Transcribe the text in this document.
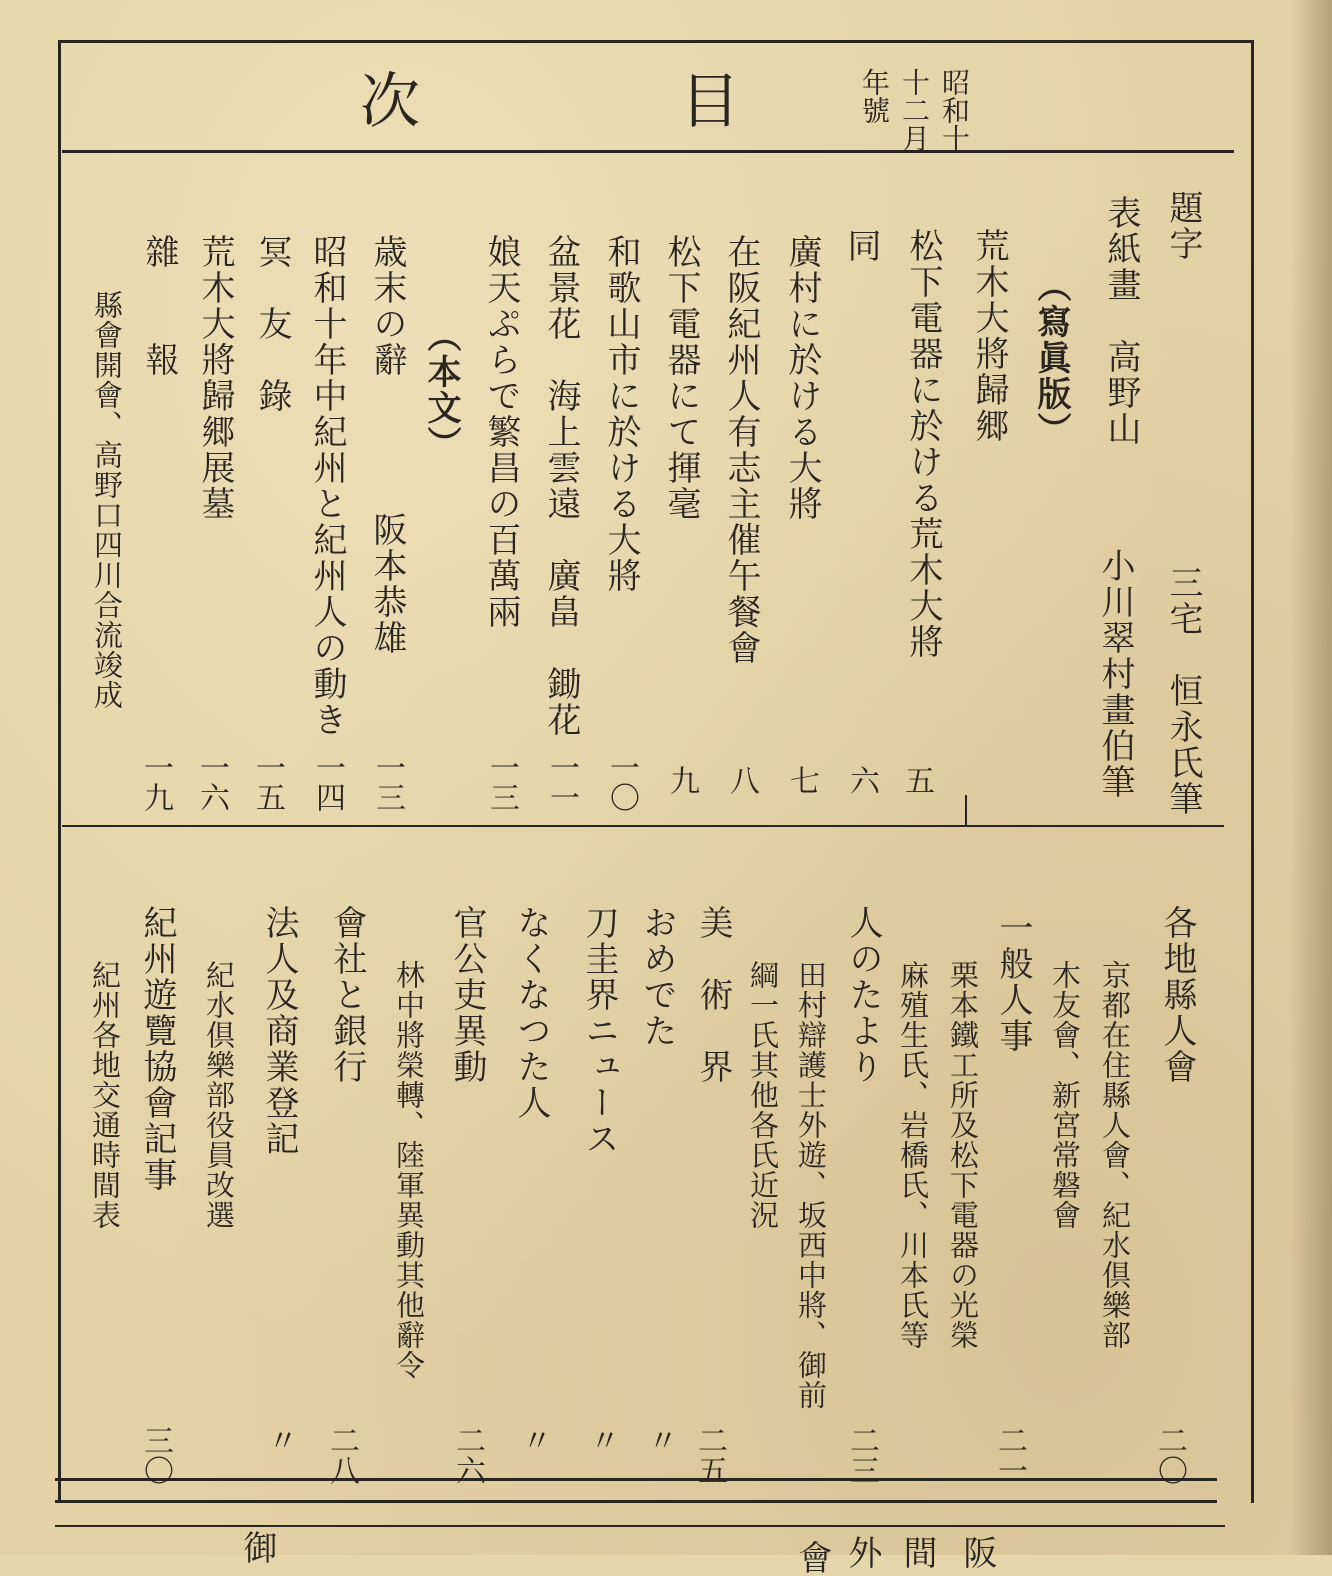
目
次	昭和十
十二月
年號
題字
三宅　恒永氏筆
表紙畫　高野山
小川翠村畫伯筆
五
（寫眞版）
荒木大將歸郷
松下電器に於ける荒木大將
同
六
廣村に於ける大將
七
在阪紀州人有志主催午餐會
八
松下電器にて揮毫
九
和歌山市に於ける大將
一〇
盆景花　海上雲遠　廣畠　鋤花
一一
娘天ぷらで繁昌の百萬兩
一三
（本文）
歳末の辭
阪本恭雄
一三
昭和十年中紀州と紀州人の動き
一四
冥　友　錄
一五
荒木大將歸郷展墓
一六
雜　　報
一九
縣會開會、高野口四川合流竣成
各地縣人會
二〇
京都在住縣人會、紀水倶樂部
木友會、新宮常磐會
一般人事
二一
栗本鐵工所及松下電器の光榮
麻殖生氏、岩橋氏、川本氏等
人のたより
二三
田村辯護士外遊、坂西中將、御前
綱一氏其他各氏近況
美　術　界
二五
おめでた
〃
刀圭界ニュース
〃
なくなつた人
〃
官公吏異動
二六
林中將榮轉、陸軍異動其他辭令
會社と銀行
二八
法人及商業登記
〃
紀水倶樂部役員改選
紀州遊覽協會記事
三〇
紀州各地交通時間表
阪
間
外
會
御
